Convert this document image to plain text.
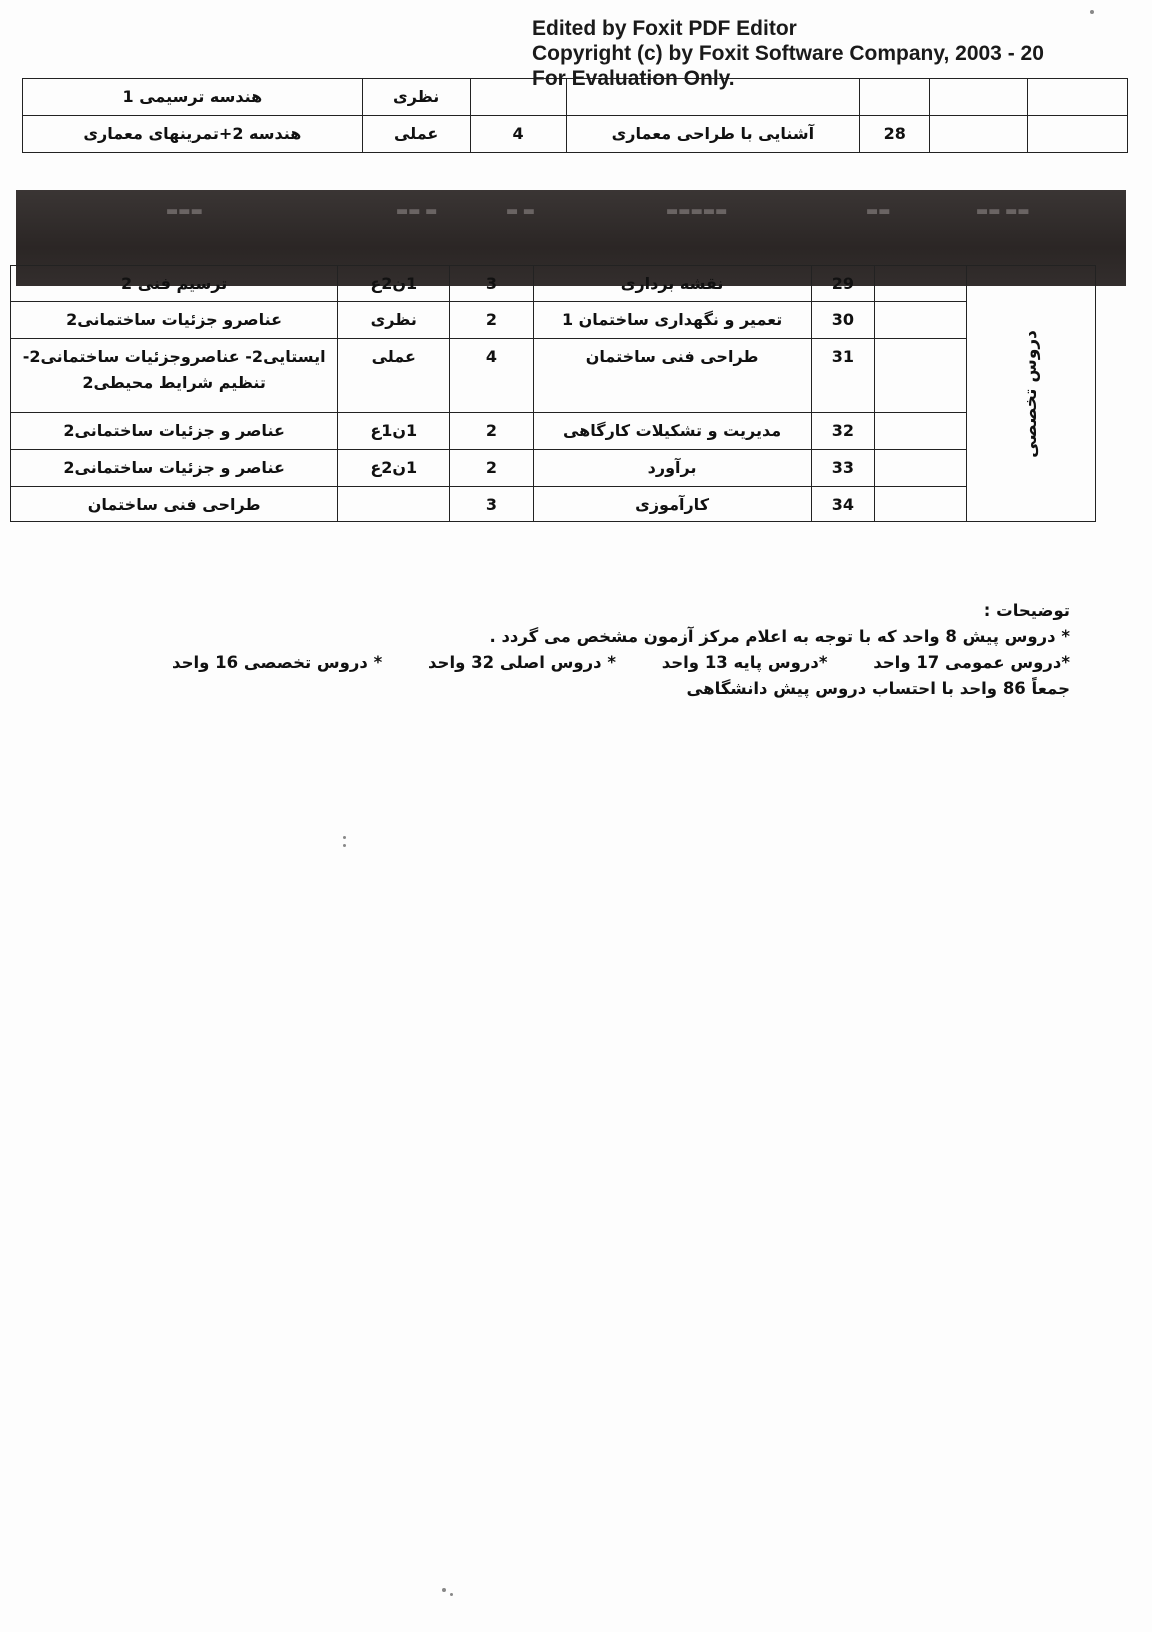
Edited by Foxit PDF Editor
Copyright (c) by Foxit Software Company, 2003 - 20
For Evaluation Only.
هندسه ترسیمی 1	نظری					
هندسه 2+تمرینهای معماری	عملی	4	آشنایی با طراحی معماری	28		
▬▬▬	▬▬ ▬	▬ ▬	▬▬▬▬▬	▬▬	▬▬ ▬▬
ترسیم فنی 2	1ن2ع	3	نقشه برداری	29		دروس تخصصی
عناصرو جزئیات ساختمانی2	نظری	2	تعمیر و نگهداری ساختمان 1	30		
ایستایی2- عناصروجزئیات ساختمانی2- تنظیم شرایط محیطی2	عملی	4	طراحی فنی ساختمان	31		
عناصر و جزئیات ساختمانی2	1ن1ع	2	مدیریت و تشکیلات کارگاهی	32		
عناصر و جزئیات ساختمانی2	1ن2ع	2	برآورد	33		
طراحی فنی ساختمان		3	کارآموزی	34		
توضیحات :
* دروس پیش 8 واحد که با توجه به اعلام مرکز آزمون مشخص می گردد .
*دروس عمومی 17 واحد *دروس پایه 13 واحد * دروس اصلی 32 واحد * دروس تخصصی 16 واحد
جمعاً 86 واحد با احتساب دروس پیش دانشگاهی
